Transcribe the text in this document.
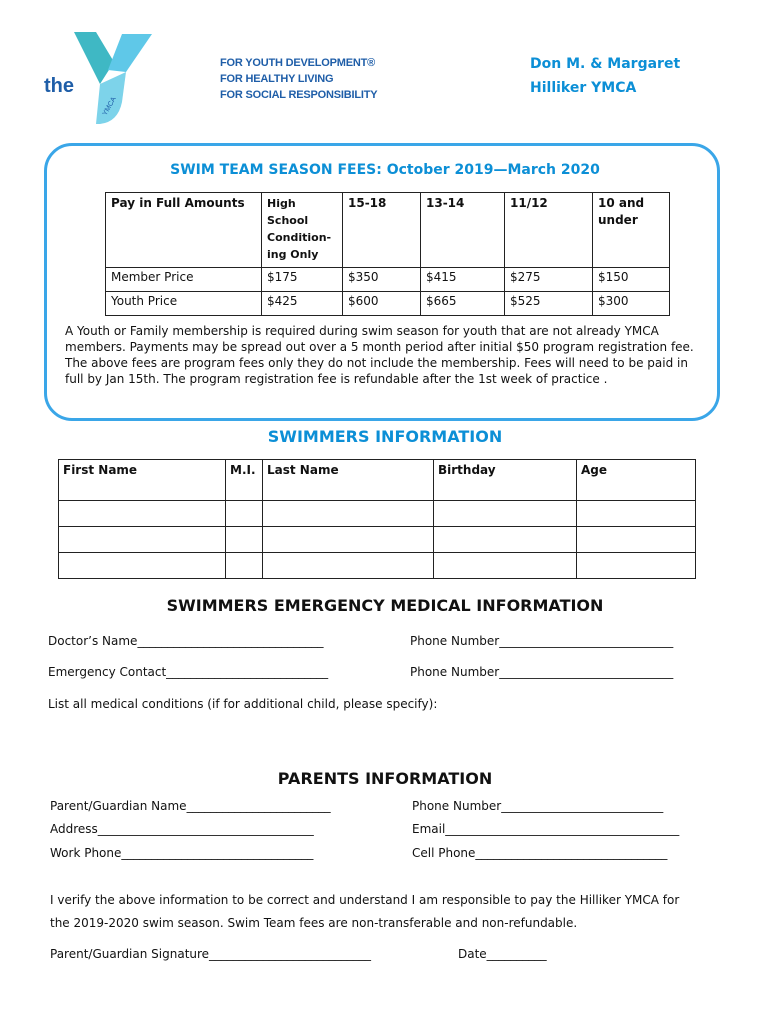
the
YMCA
FOR YOUTH DEVELOPMENT®
FOR HEALTHY LIVING
FOR SOCIAL RESPONSIBILITY
Don M. & Margaret
Hilliker YMCA
SWIM TEAM SEASON FEES: October 2019—March 2020
Pay in Full Amounts	High School Condition-ing Only	15-18	13-14	11/12	10 and under
Member Price	$175	$350	$415	$275	$150
Youth Price	$425	$600	$665	$525	$300
A Youth or Family membership is required during swim season for youth that are not already YMCA members. Payments may be spread out over a 5 month period after initial $50 program registration fee. The above fees are program fees only they do not include the membership. Fees will need to be paid in full by Jan 15th. The program registration fee is refundable after the 1st week of practice .
SWIMMERS INFORMATION
First Name	M.I.	Last Name	Birthday	Age

SWIMMERS EMERGENCY MEDICAL INFORMATION
Doctor’s Name_______________________________	Phone Number_____________________________
Emergency Contact___________________________	Phone Number_____________________________
List all medical conditions (if for additional child, please specify):
PARENTS INFORMATION
Parent/Guardian Name________________________	Phone Number___________________________
Address____________________________________	Email_______________________________________
Work Phone________________________________	Cell Phone________________________________
I verify the above information to be correct and understand I am responsible to pay the Hilliker YMCA for
the 2019-2020 swim season. Swim Team fees are non-transferable and non-refundable.
Parent/Guardian Signature___________________________	Date__________
